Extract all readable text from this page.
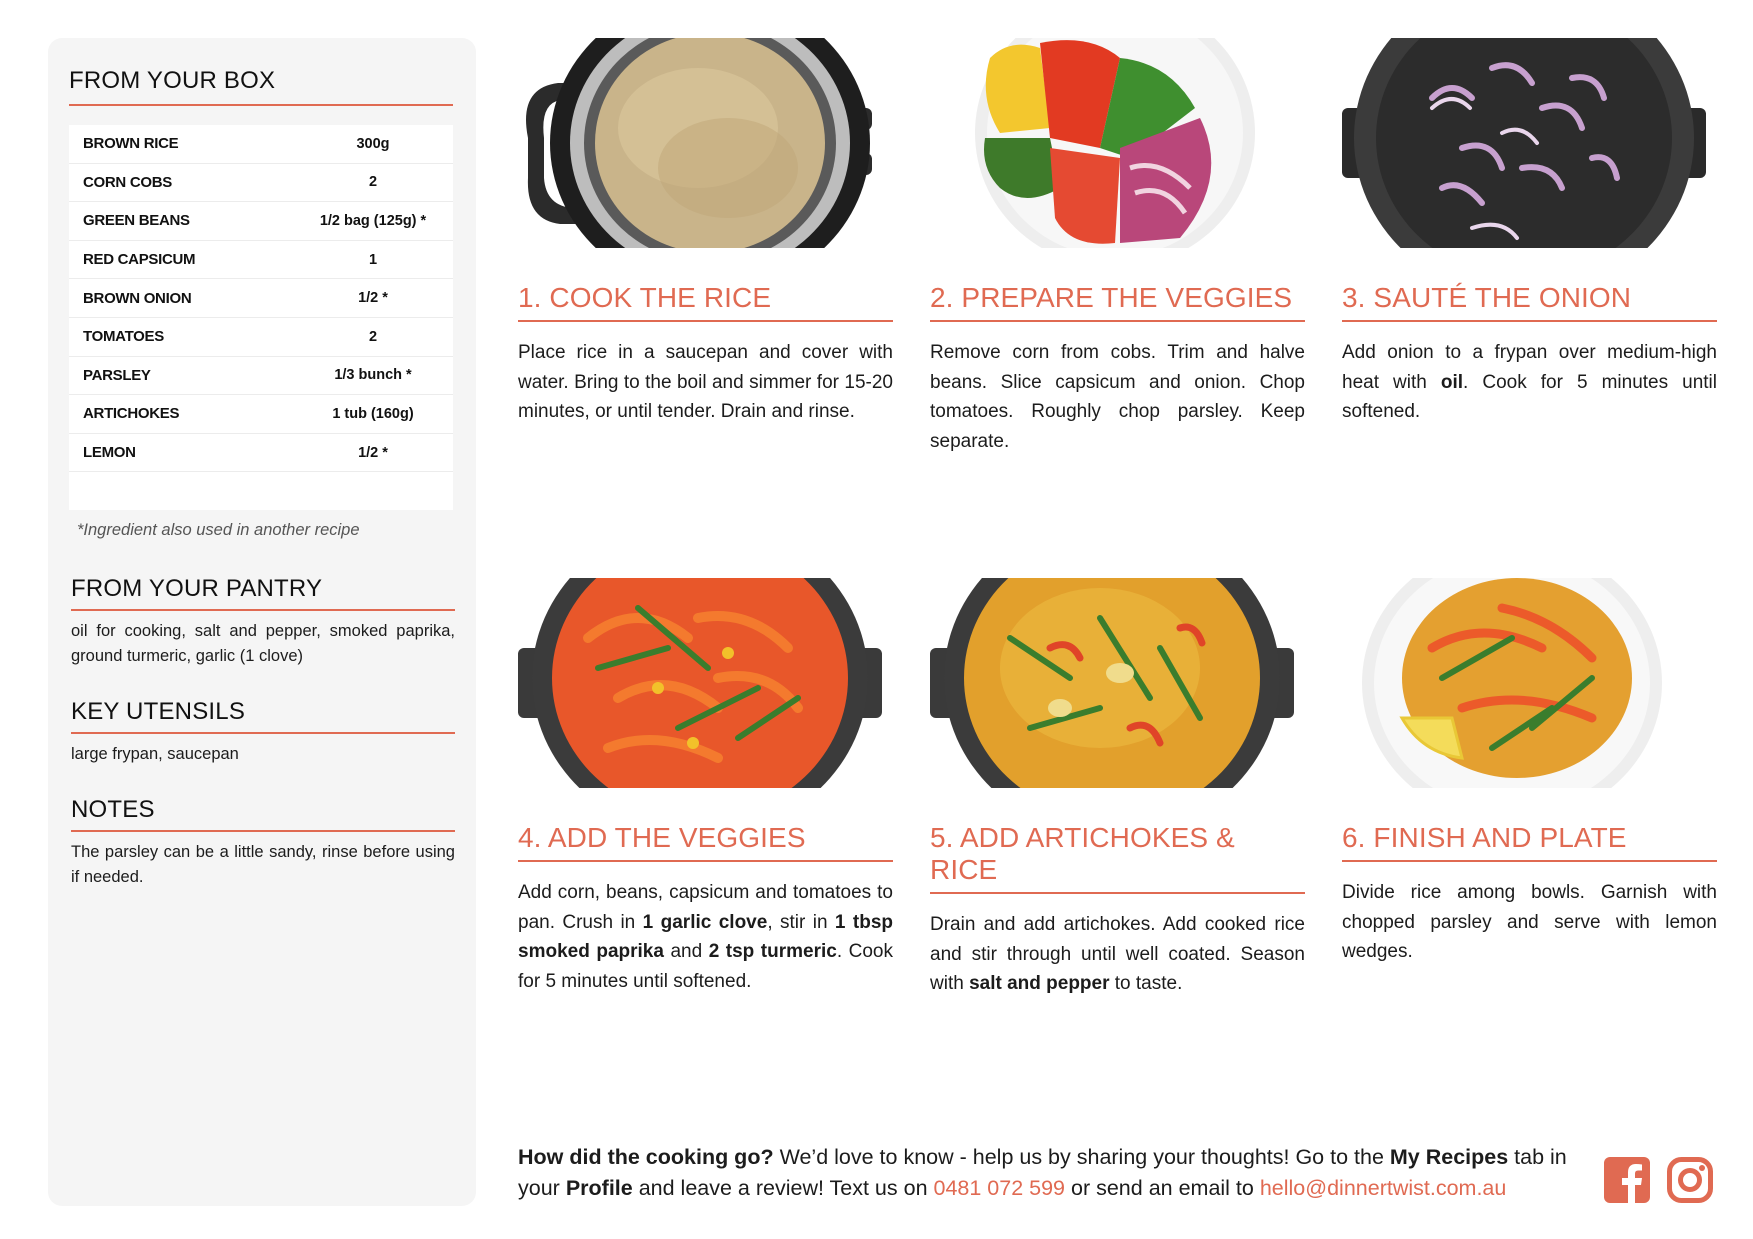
FROM YOUR BOX
BROWN RICE	300g
CORN COBS	2
GREEN BEANS	1/2 bag (125g) *
RED CAPSICUM	1
BROWN ONION	1/2 *
TOMATOES	2
PARSLEY	1/3 bunch *
ARTICHOKES	1 tub (160g)
LEMON	1/2 *
*Ingredient also used in another recipe
FROM YOUR PANTRY
oil for cooking, salt and pepper, smoked paprika, ground turmeric, garlic (1 clove)
KEY UTENSILS
large frypan, saucepan
NOTES
The parsley can be a little sandy, rinse before using if needed.
1. COOK THE RICE

Place rice in a saucepan and cover with water. Bring to the boil and simmer for 15-20 minutes, or until tender. Drain and rinse.

2. PREPARE THE VEGGIES

Remove corn from cobs. Trim and halve beans. Slice capsicum and onion. Chop tomatoes. Roughly chop parsley. Keep separate.

3. SAUTÉ THE ONION

Add onion to a frypan over medium-high heat with oil. Cook for 5 minutes until softened.

4. ADD THE VEGGIES

Add corn, beans, capsicum and tomatoes to pan. Crush in 1 garlic clove, stir in 1 tbsp smoked paprika and 2 tsp turmeric. Cook for 5 minutes until softened.

5. ADD ARTICHOKES & RICE

Drain and add artichokes. Add cooked rice and stir through until well coated. Season with salt and pepper to taste.

6. FINISH AND PLATE

Divide rice among bowls. Garnish with chopped parsley and serve with lemon wedges.

How did the cooking go? We’d love to know - help us by sharing your thoughts! Go to the My Recipes tab in your Profile and leave a review! Text us on 0481 072 599 or send an email to hello@dinnertwist.com.au
